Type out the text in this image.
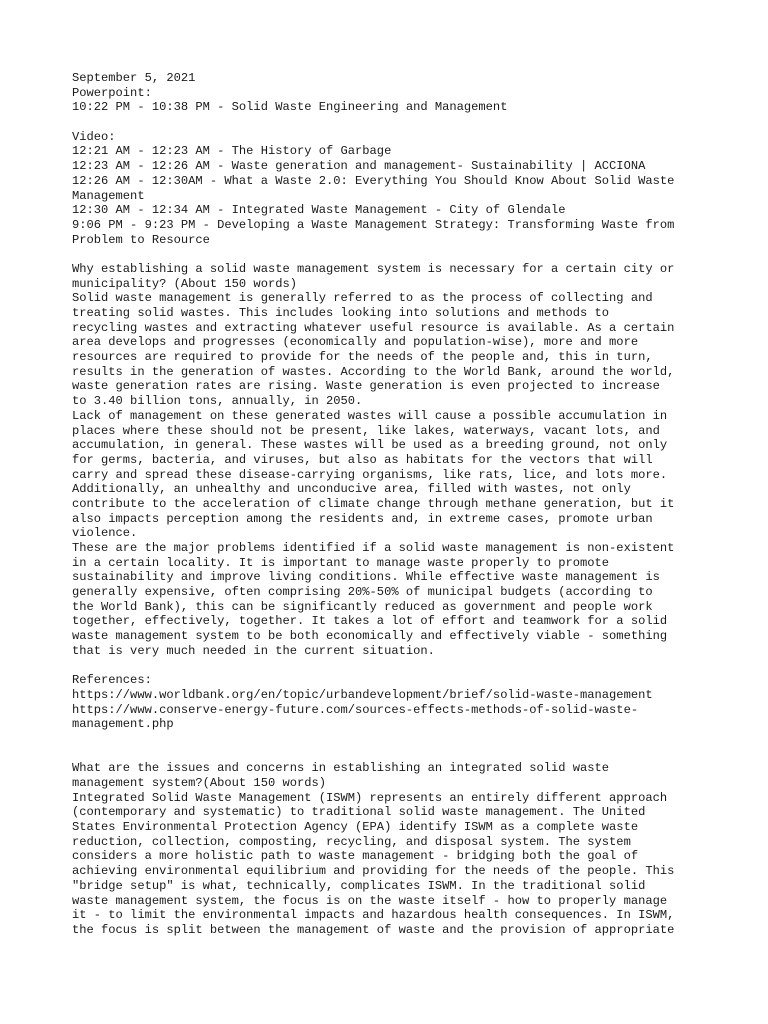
September 5, 2021
Powerpoint:
10:22 PM - 10:38 PM - Solid Waste Engineering and Management
Video:
12:21 AM - 12:23 AM - The History of Garbage
12:23 AM - 12:26 AM - Waste generation and management- Sustainability | ACCIONA
12:26 AM - 12:30AM - What a Waste 2.0: Everything You Should Know About Solid Waste
Management
12:30 AM - 12:34 AM - Integrated Waste Management - City of Glendale
9:06 PM - 9:23 PM - Developing a Waste Management Strategy: Transforming Waste from
Problem to Resource
Why establishing a solid waste management system is necessary for a certain city or
municipality? (About 150 words)
Solid waste management is generally referred to as the process of collecting and
treating solid wastes. This includes looking into solutions and methods to
recycling wastes and extracting whatever useful resource is available. As a certain
area develops and progresses (economically and population-wise), more and more
resources are required to provide for the needs of the people and, this in turn,
results in the generation of wastes. According to the World Bank, around the world,
waste generation rates are rising. Waste generation is even projected to increase
to 3.40 billion tons, annually, in 2050.
Lack of management on these generated wastes will cause a possible accumulation in
places where these should not be present, like lakes, waterways, vacant lots, and
accumulation, in general. These wastes will be used as a breeding ground, not only
for germs, bacteria, and viruses, but also as habitats for the vectors that will
carry and spread these disease-carrying organisms, like rats, lice, and lots more.
Additionally, an unhealthy and unconducive area, filled with wastes, not only
contribute to the acceleration of climate change through methane generation, but it
also impacts perception among the residents and, in extreme cases, promote urban
violence.
These are the major problems identified if a solid waste management is non-existent
in a certain locality. It is important to manage waste properly to promote
sustainability and improve living conditions. While effective waste management is
generally expensive, often comprising 20%-50% of municipal budgets (according to
the World Bank), this can be significantly reduced as government and people work
together, effectively, together. It takes a lot of effort and teamwork for a solid
waste management system to be both economically and effectively viable - something
that is very much needed in the current situation.
References:
https://www.worldbank.org/en/topic/urbandevelopment/brief/solid-waste-management
https://www.conserve-energy-future.com/sources-effects-methods-of-solid-waste-
management.php
What are the issues and concerns in establishing an integrated solid waste
management system?(About 150 words)
Integrated Solid Waste Management (ISWM) represents an entirely different approach
(contemporary and systematic) to traditional solid waste management. The United
States Environmental Protection Agency (EPA) identify ISWM as a complete waste
reduction, collection, composting, recycling, and disposal system. The system
considers a more holistic path to waste management - bridging both the goal of
achieving environmental equilibrium and providing for the needs of the people. This
"bridge setup" is what, technically, complicates ISWM. In the traditional solid
waste management system, the focus is on the waste itself - how to properly manage
it - to limit the environmental impacts and hazardous health consequences. In ISWM,
the focus is split between the management of waste and the provision of appropriate
